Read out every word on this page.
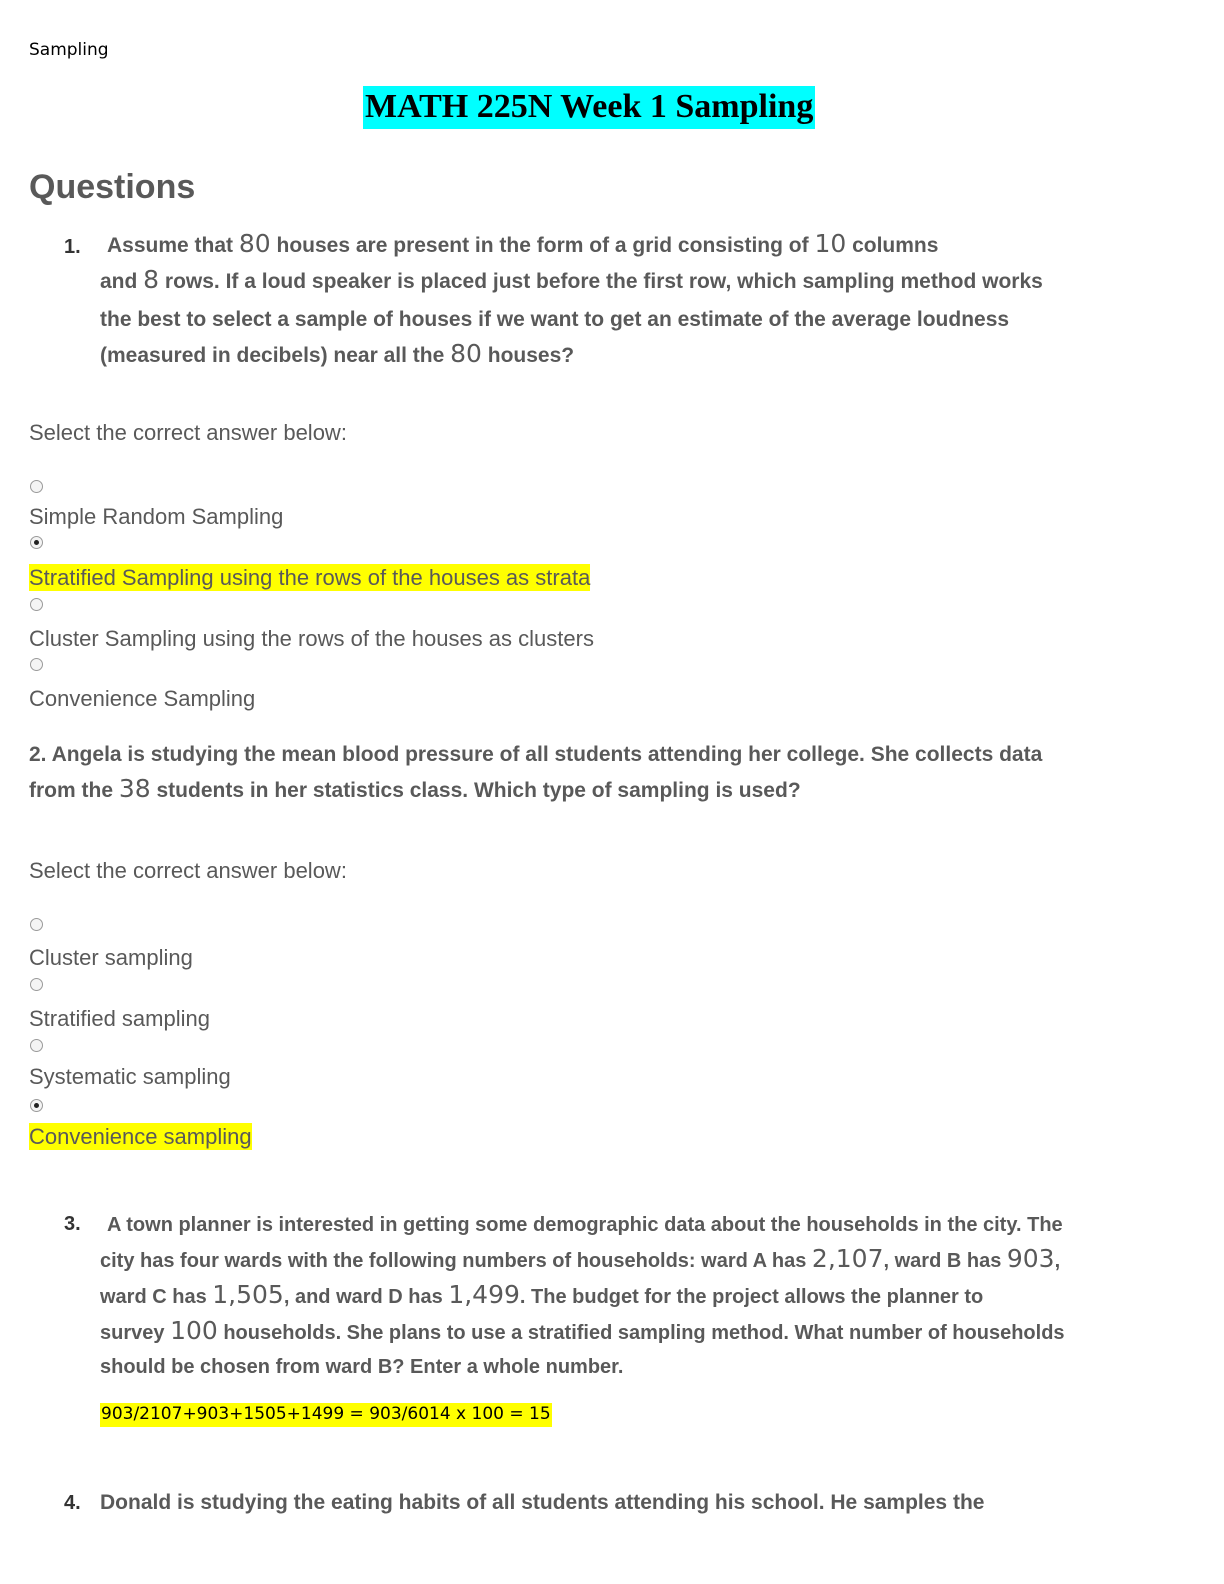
Sampling
MATH 225N Week 1 Sampling
Questions
1.	Assume that 80 houses are present in the form of a grid consisting of 10 columns
and 8 rows. If a loud speaker is placed just before the first row, which sampling method works
the best to select a sample of houses if we want to get an estimate of the average loudness
(measured in decibels) near all the 80 houses?
Select the correct answer below:
Simple Random Sampling
Stratified Sampling using the rows of the houses as strata
Cluster Sampling using the rows of the houses as clusters
Convenience Sampling
2. Angela is studying the mean blood pressure of all students attending her college. She collects data
from the 38 students in her statistics class. Which type of sampling is used?
Select the correct answer below:
Cluster sampling
Stratified sampling
Systematic sampling
Convenience sampling
3.	A town planner is interested in getting some demographic data about the households in the city. The
city has four wards with the following numbers of households: ward A has 2,107, ward B has 903,
ward C has 1,505, and ward D has 1,499. The budget for the project allows the planner to
survey 100 households. She plans to use a stratified sampling method. What number of households
should be chosen from ward B? Enter a whole number.
903/2107+903+1505+1499 = 903/6014 x 100 = 15
4. Donald is studying the eating habits of all students attending his school. He samples the
